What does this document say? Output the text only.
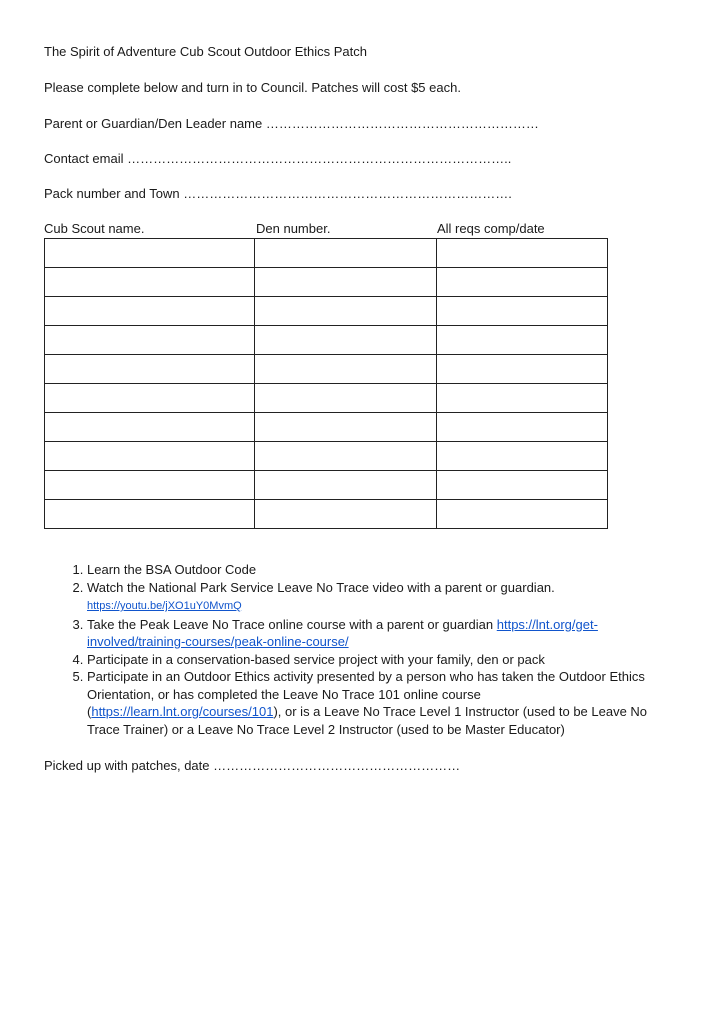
The Spirit of Adventure Cub Scout Outdoor Ethics Patch
Please complete below and turn in to Council. Patches will cost $5 each.
Parent or Guardian/Den Leader name ………………………………………………………
Contact email ……………………………………………………………………………..
Pack number and Town ………………………………………………………………….
Cub Scout name.	Den number.	All reqs comp/date

1. Learn the BSA Outdoor Code
2. Watch the National Park Service Leave No Trace video with a parent or guardian.
https://youtu.be/jXO1uY0MvmQ
3. Take the Peak Leave No Trace online course with a parent or guardian https://lnt.org/get-involved/training-courses/peak-online-course/
4. Participate in a conservation-based service project with your family, den or pack
5. Participate in an Outdoor Ethics activity presented by a person who has taken the Outdoor Ethics Orientation, or has completed the Leave No Trace 101 online course (https://learn.lnt.org/courses/101), or is a Leave No Trace Level 1 Instructor (used to be Leave No Trace Trainer) or a Leave No Trace Level 2 Instructor (used to be Master Educator)
Picked up with patches, date …………………………………………………
